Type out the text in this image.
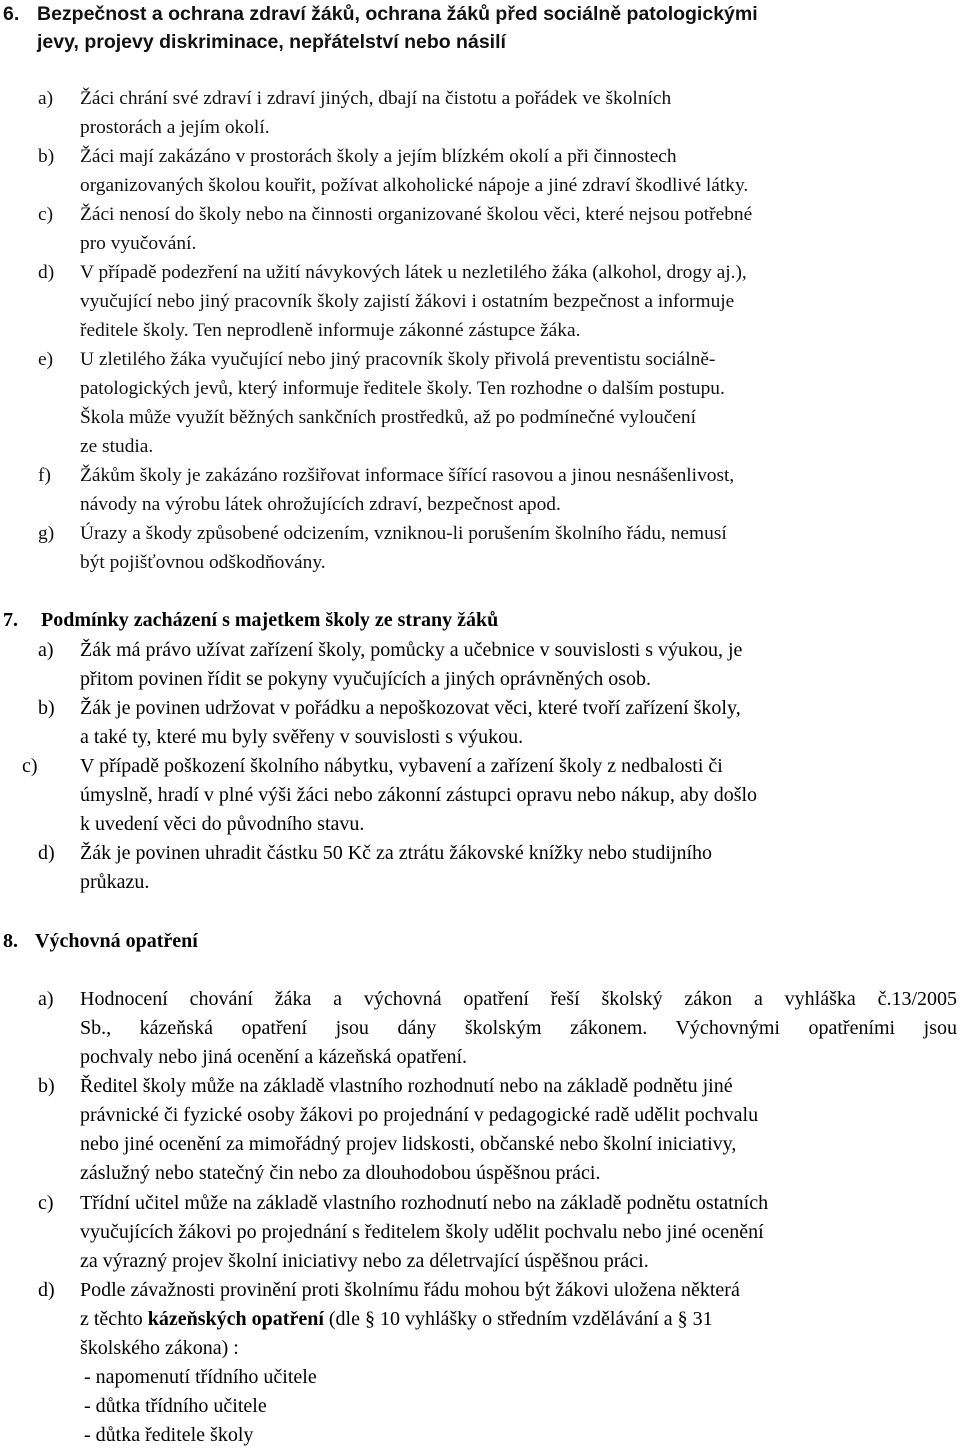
6. Bezpečnost a ochrana zdraví žáků, ochrana žáků před sociálně patologickými
jevy, projevy diskriminace, nepřátelství nebo násilí
a) Žáci chrání své zdraví i zdraví jiných, dbají na čistotu a pořádek ve školních
prostorách a jejím okolí.
b) Žáci mají zakázáno v prostorách školy a jejím blízkém okolí a při činnostech
organizovaných školou kouřit, požívat alkoholické nápoje a jiné zdraví škodlivé látky.
c) Žáci nenosí do školy nebo na činnosti organizované školou věci, které nejsou potřebné
pro vyučování.
d) V případě podezření na užití návykových látek u nezletilého žáka (alkohol, drogy aj.),
vyučující nebo jiný pracovník školy zajistí žákovi i ostatním bezpečnost a informuje
ředitele školy. Ten neprodleně informuje zákonné zástupce žáka.
e) U zletilého žáka vyučující nebo jiný pracovník školy přivolá preventistu sociálně-
patologických jevů, který informuje ředitele školy. Ten rozhodne o dalším postupu.
Škola může využít běžných sankčních prostředků, až po podmínečné vyloučení
ze studia.
f) Žákům školy je zakázáno rozšiřovat informace šířící rasovou a jinou nesnášenlivost,
návody na výrobu látek ohrožujících zdraví, bezpečnost apod.
g) Úrazy a škody způsobené odcizením, vzniknou-li porušením školního řádu, nemusí
být pojišťovnou odškodňovány.
7. Podmínky zacházení s majetkem školy ze strany žáků
a) Žák má právo užívat zařízení školy, pomůcky a učebnice v souvislosti s výukou, je
přitom povinen řídit se pokyny vyučujících a jiných oprávněných osob.
b) Žák je povinen udržovat v pořádku a nepoškozovat věci, které tvoří zařízení školy,
a také ty, které mu byly svěřeny v souvislosti s výukou.
c) V případě poškození školního nábytku, vybavení a zařízení školy z nedbalosti či
úmyslně, hradí v plné výši žáci nebo zákonní zástupci opravu nebo nákup, aby došlo
k uvedení věci do původního stavu.
d) Žák je povinen uhradit částku 50 Kč za ztrátu žákovské knížky nebo studijního
průkazu.
8. Výchovná opatření
a) Hodnocení chování žáka a výchovná opatření řeší školský zákon a vyhláška č.13/2005
Sb., kázeňská opatření jsou dány školským zákonem. Výchovnými opatřeními jsou
pochvaly nebo jiná ocenění a kázeňská opatření.
b) Ředitel školy může na základě vlastního rozhodnutí nebo na základě podnětu jiné
právnické či fyzické osoby žákovi po projednání v pedagogické radě udělit pochvalu
nebo jiné ocenění za mimořádný projev lidskosti, občanské nebo školní iniciativy,
záslužný nebo statečný čin nebo za dlouhodobou úspěšnou práci.
c) Třídní učitel může na základě vlastního rozhodnutí nebo na základě podnětu ostatních
vyučujících žákovi po projednání s ředitelem školy udělit pochvalu nebo jiné ocenění
za výrazný projev školní iniciativy nebo za déletrvající úspěšnou práci.
d) Podle závažnosti provinění proti školnímu řádu mohou být žákovi uložena některá
z těchto kázeňských opatření (dle § 10 vyhlášky o středním vzdělávání a § 31
školského zákona) :
- napomenutí třídního učitele
- důtka třídního učitele
- důtka ředitele školy
